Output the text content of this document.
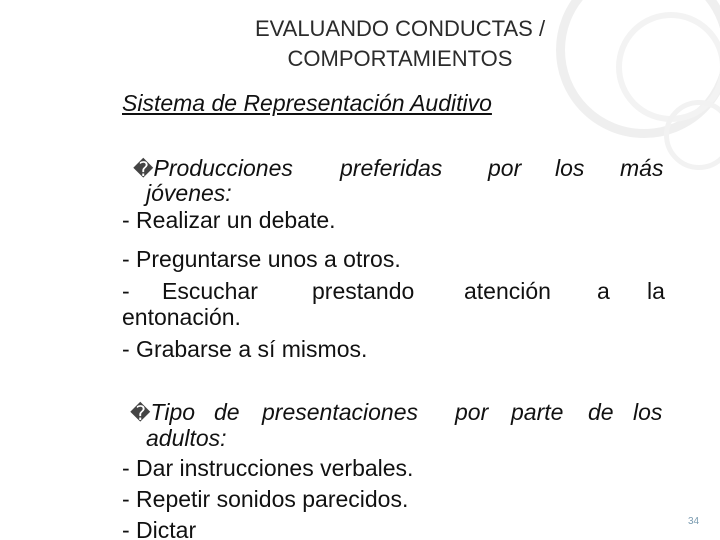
EVALUANDO CONDUCTAS /
COMPORTAMIENTOS
Sistema de Representación Auditivo
�Producciones preferidas por los más
jóvenes:
- Realizar un debate.
- Preguntarse unos a otros.
- Escuchar prestando atención a la
entonación.
- Grabarse a sí mismos.
�Tipo de presentaciones por parte de los
adultos:
- Dar instrucciones verbales.
- Repetir sonidos parecidos.
- Dictar	34
